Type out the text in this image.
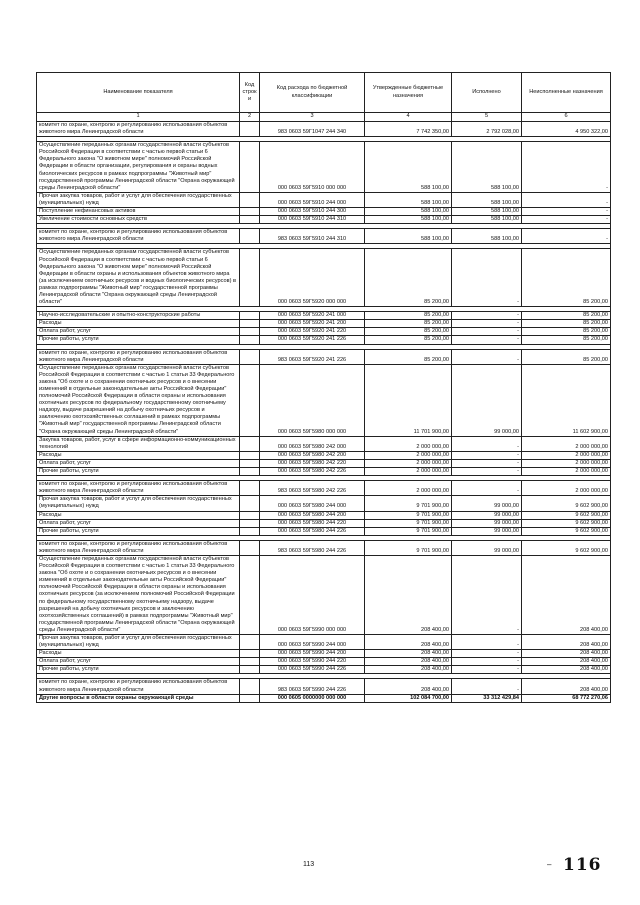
Наименование показателя	Код строк и	Код расхода по бюджетной классификации	Утвержденные бюджетные назначения	Исполнено	Неисполненные назначения
1	2	3	4	5	6
комитет по охране, контролю и регулированию использования объектов животного мира Ленинградской области		983 0603 59Г1047 244 340	7 742 350,00	2 792 028,00	4 950 322,00

Осуществление переданных органам государственной власти субъектов Российской Федерации в соответствии с частью первой статьи 6 Федерального закона "О животном мире" полномочий Российской Федерации в области организации, регулирования и охраны водных биологических ресурсов в рамках подпрограммы "Животный мир" государственной программы Ленинградской области "Охрана окружающей среды Ленинградской области"		000 0603 59Г5910 000 000	588 100,00	588 100,00	-
Прочая закупка товаров, работ и услуг для обеспечения государственных (муниципальных) нужд		000 0603 59Г5910 244 000	588 100,00	588 100,00	-
Поступление нефинансовых активов		000 0603 59Г5910 244 300	588 100,00	588 100,00	-
Увеличение стоимости основных средств		000 0603 59Г5910 244 310	588 100,00	588 100,00	-

комитет по охране, контролю и регулированию использования объектов животного мира Ленинградской области		983 0603 59Г5910 244 310	588 100,00	588 100,00	-

Осуществление переданных органам государственной власти субъектов Российской Федерации в соответствии с частью первой статьи 6 Федерального закона "О животном мире" полномочий Российской Федерации в области охраны и использования объектов животного мира (за исключением охотничьих ресурсов и водных биологических ресурсов) в рамках подпрограммы "Животный мир" государственной программы Ленинградской области "Охрана окружающей среды Ленинградской области"		000 0603 59Г5920 000 000	85 200,00	-	85 200,00

Научно-исследовательские и опытно-конструкторские работы		000 0603 59Г5920 241 000	85 200,00	-	85 200,00
Расходы		000 0603 59Г5920 241 200	85 200,00	-	85 200,00
Оплата работ, услуг		000 0603 59Г5920 241 220	85 200,00	-	85 200,00
Прочие работы, услуги		000 0603 59Г5920 241 226	85 200,00	-	85 200,00

комитет по охране, контролю и регулированию использования объектов животного мира Ленинградской области		983 0603 59Г5920 241 226	85 200,00	-	85 200,00
Осуществление переданных органам государственной власти субъектов Российской Федерации в соответствии с частью 1 статьи 33 Федерального закона "Об охоте и о сохранении охотничьих ресурсов и о внесении изменений в отдельные законодательные акты Российской Федерации" полномочий Российской Федерации в области охраны и использования охотничьих ресурсов по федеральному государственному охотничьему надзору, выдаче разрешений на добычу охотничьих ресурсов и заключению охотхозяйственных соглашений в рамках подпрограммы "Животный мир" государственной программы Ленинградской области "Охрана окружающей среды Ленинградской области"		000 0603 59Г5980 000 000	11 701 900,00	99 000,00	11 602 900,00
Закупка товаров, работ, услуг в сфере информационно-коммуникационных технологий		000 0603 59Г5980 242 000	2 000 000,00	-	2 000 000,00
Расходы		000 0603 59Г5980 242 200	2 000 000,00	-	2 000 000,00
Оплата работ, услуг		000 0603 59Г5980 242 220	2 000 000,00	-	2 000 000,00
Прочие работы, услуги		000 0603 59Г5980 242 226	2 000 000,00	-	2 000 000,00

комитет по охране, контролю и регулированию использования объектов животного мира Ленинградской области		983 0603 59Г5980 242 226	2 000 000,00	-	2 000 000,00
Прочая закупка товаров, работ и услуг для обеспечения государственных (муниципальных) нужд		000 0603 59Г5980 244 000	9 701 900,00	99 000,00	9 602 900,00
Расходы		000 0603 59Г5980 244 200	9 701 900,00	99 000,00	9 602 900,00
Оплата работ, услуг		000 0603 59Г5980 244 220	9 701 900,00	99 000,00	9 602 900,00
Прочие работы, услуги		000 0603 59Г5980 244 226	9 701 900,00	99 000,00	9 602 900,00

комитет по охране, контролю и регулированию использования объектов животного мира Ленинградской области		983 0603 59Г5980 244 226	9 701 900,00	99 000,00	9 602 900,00
Осуществление переданных органам государственной власти субъектов Российской Федерации в соответствии с частью 1 статьи 33 Федерального закона "Об охоте и о сохранении охотничьих ресурсов и о внесении изменений в отдельные законодательные акты Российской Федерации" полномочий Российской Федерации в области охраны и использования охотничьих ресурсов (за исключением полномочий Российской Федерации по федеральному государственному охотничьему надзору, выдаче разрешений на добычу охотничьих ресурсов и заключению охотхозяйственных соглашений) в рамках подпрограммы "Животный мир" государственной программы Ленинградской области "Охрана окружающей среды Ленинградской области"		000 0603 59Г5990 000 000	208 400,00	-	208 400,00
Прочая закупка товаров, работ и услуг для обеспечения государственных (муниципальных) нужд		000 0603 59Г5990 244 000	208 400,00	-	208 400,00
Расходы		000 0603 59Г5990 244 200	208 400,00	-	208 400,00
Оплата работ, услуг		000 0603 59Г5990 244 220	208 400,00	-	208 400,00
Прочие работы, услуги		000 0603 59Г5990 244 226	208 400,00	-	208 400,00

комитет по охране, контролю и регулированию использования объектов животного мира Ленинградской области		983 0603 59Г5990 244 226	208 400,00	-	208 400,00
Другие вопросы в области охраны окружающей среды		000 0605 0000000 000 000	102 084 700,00	33 312 429,84	68 772 270,06
113	– 116
